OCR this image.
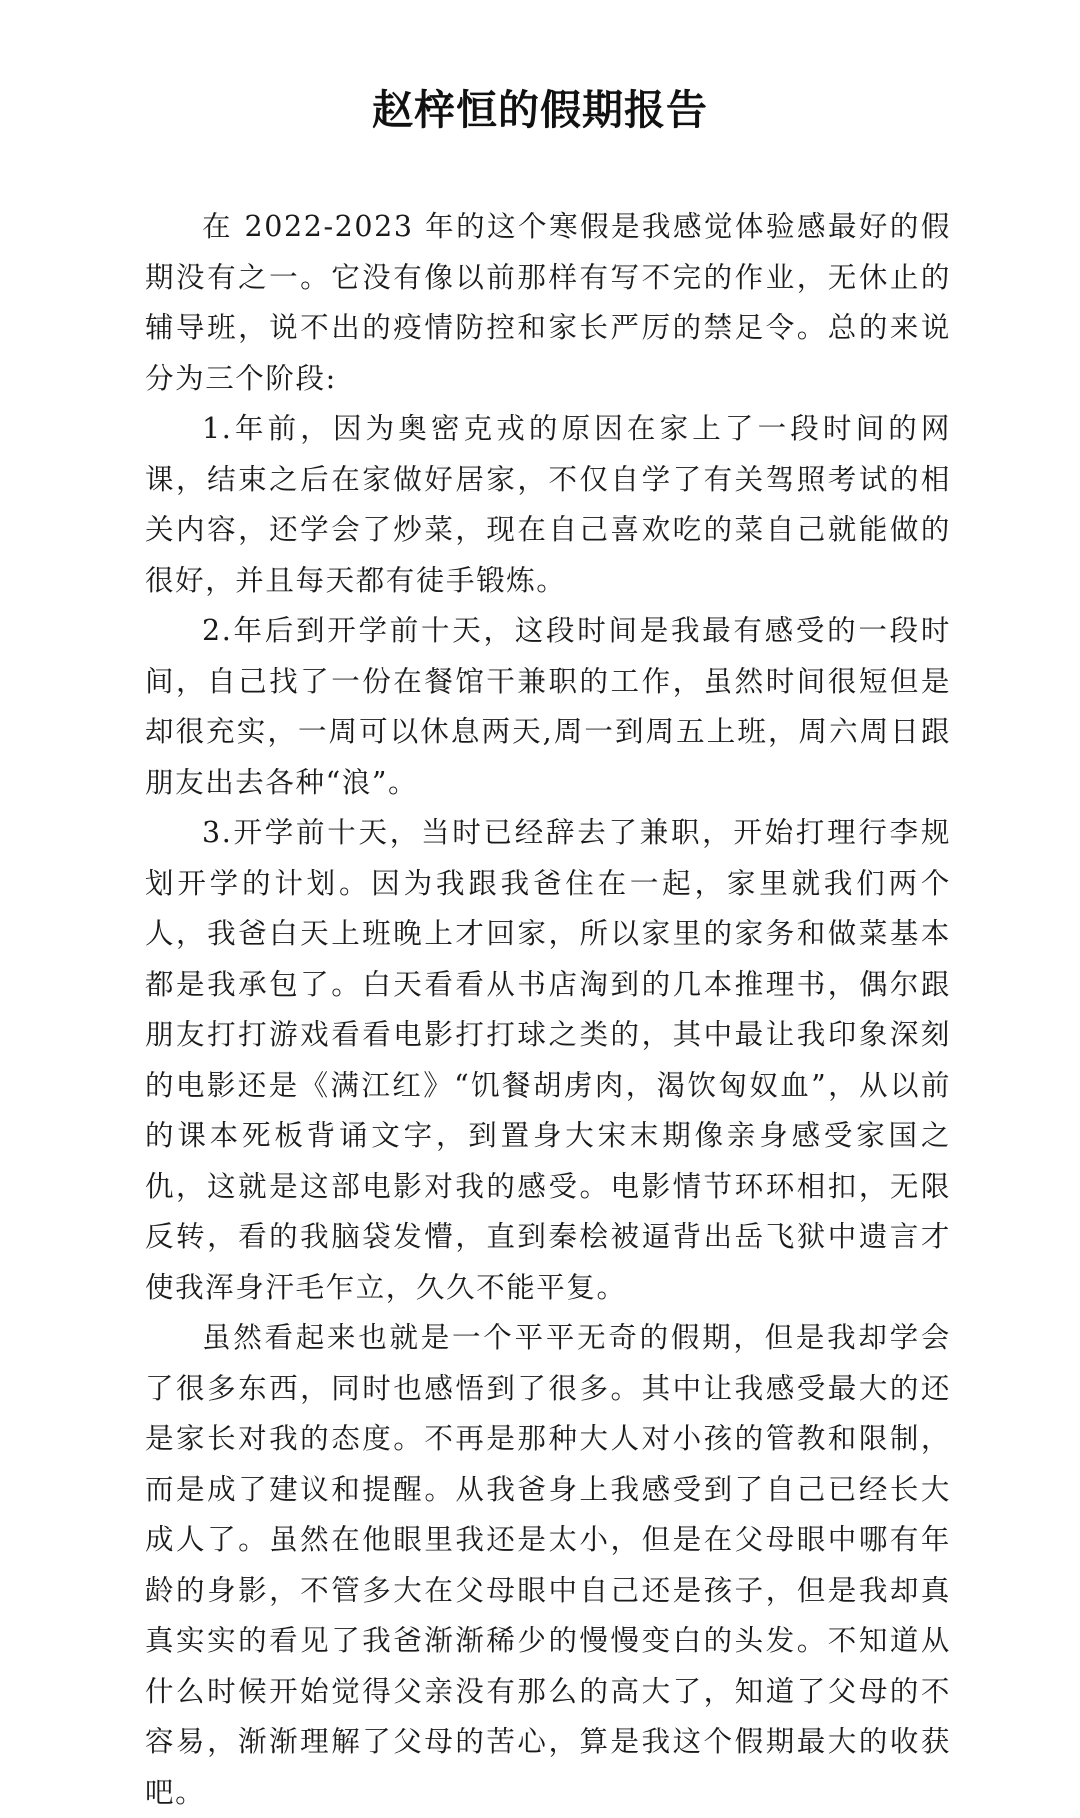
赵梓恒的假期报告

在 2022-2023 年的这个寒假是我感觉体验感最好的假期没有之一。它没有像以前那样有写不完的作业，无休止的辅导班，说不出的疫情防控和家长严厉的禁足令。总的来说分为三个阶段:

1.年前，因为奥密克戎的原因在家上了一段时间的网课，结束之后在家做好居家，不仅自学了有关驾照考试的相关内容，还学会了炒菜，现在自己喜欢吃的菜自己就能做的很好，并且每天都有徒手锻炼。

2.年后到开学前十天，这段时间是我最有感受的一段时间，自己找了一份在餐馆干兼职的工作，虽然时间很短但是却很充实，一周可以休息两天,周一到周五上班，周六周日跟朋友出去各种“浪”。

3.开学前十天，当时已经辞去了兼职，开始打理行李规划开学的计划。因为我跟我爸住在一起，家里就我们两个人，我爸白天上班晚上才回家，所以家里的家务和做菜基本都是我承包了。白天看看从书店淘到的几本推理书，偶尔跟朋友打打游戏看看电影打打球之类的，其中最让我印象深刻的电影还是《满江红》“饥餐胡虏肉，渴饮匈奴血”，从以前的课本死板背诵文字，到置身大宋末期像亲身感受家国之仇，这就是这部电影对我的感受。电影情节环环相扣，无限反转，看的我脑袋发懵，直到秦桧被逼背出岳飞狱中遗言才使我浑身汗毛乍立，久久不能平复。

虽然看起来也就是一个平平无奇的假期，但是我却学会了很多东西，同时也感悟到了很多。其中让我感受最大的还是家长对我的态度。不再是那种大人对小孩的管教和限制，而是成了建议和提醒。从我爸身上我感受到了自己已经长大成人了。虽然在他眼里我还是太小，但是在父母眼中哪有年龄的身影，不管多大在父母眼中自己还是孩子，但是我却真真实实的看见了我爸渐渐稀少的慢慢变白的头发。不知道从什么时候开始觉得父亲没有那么的高大了，知道了父母的不容易，渐渐理解了父母的苦心，算是我这个假期最大的收获吧。
